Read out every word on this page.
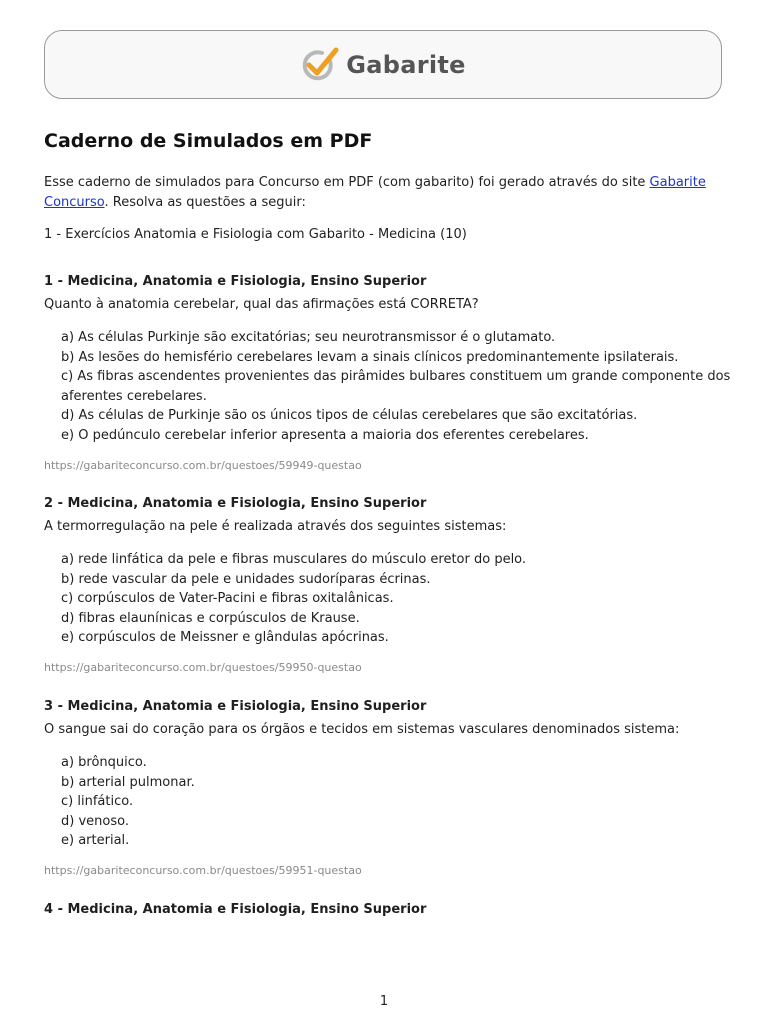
Gabarite
Caderno de Simulados em PDF
Esse caderno de simulados para Concurso em PDF (com gabarito) foi gerado através do site Gabarite Concurso. Resolva as questões a seguir:
1 - Exercícios Anatomia e Fisiologia com Gabarito - Medicina (10)
1 - Medicina, Anatomia e Fisiologia, Ensino Superior
Quanto à anatomia cerebelar, qual das afirmações está CORRETA?
a) As células Purkinje são excitatórias; seu neurotransmissor é o glutamato.
b) As lesões do hemisfério cerebelares levam a sinais clínicos predominantemente ipsilaterais.
c) As fibras ascendentes provenientes das pirâmides bulbares constituem um grande componente dos aferentes cerebelares.
d) As células de Purkinje são os únicos tipos de células cerebelares que são excitatórias.
e) O pedúnculo cerebelar inferior apresenta a maioria dos eferentes cerebelares.
https://gabariteconcurso.com.br/questoes/59949-questao
2 - Medicina, Anatomia e Fisiologia, Ensino Superior
A termorregulação na pele é realizada através dos seguintes sistemas:
a) rede linfática da pele e fibras musculares do músculo eretor do pelo.
b) rede vascular da pele e unidades sudoríparas écrinas.
c) corpúsculos de Vater-Pacini e fibras oxitalânicas.
d) fibras elaunínicas e corpúsculos de Krause.
e) corpúsculos de Meissner e glândulas apócrinas.
https://gabariteconcurso.com.br/questoes/59950-questao
3 - Medicina, Anatomia e Fisiologia, Ensino Superior
O sangue sai do coração para os órgãos e tecidos em sistemas vasculares denominados sistema:
a) brônquico.
b) arterial pulmonar.
c) linfático.
d) venoso.
e) arterial.
https://gabariteconcurso.com.br/questoes/59951-questao
4 - Medicina, Anatomia e Fisiologia, Ensino Superior
1
